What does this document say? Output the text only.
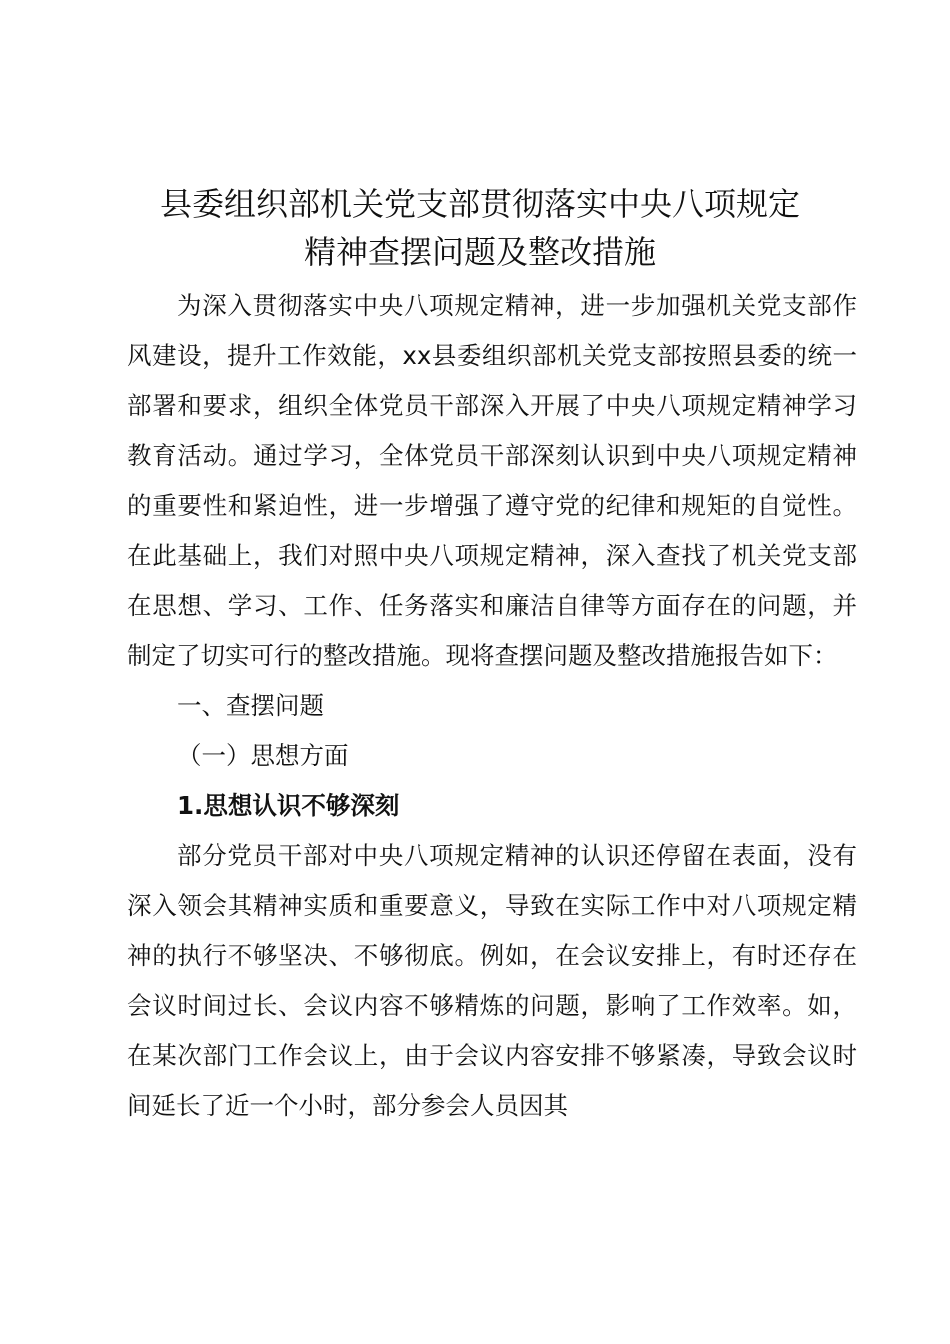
县委组织部机关党支部贯彻落实中央八项规定
精神查摆问题及整改措施

为深入贯彻落实中央八项规定精神，进一步加强机关党支部作风建设，提升工作效能，xx县委组织部机关党支部按照县委的统一部署和要求，组织全体党员干部深入开展了中央八项规定精神学习教育活动。通过学习，全体党员干部深刻认识到中央八项规定精神的重要性和紧迫性，进一步增强了遵守党的纪律和规矩的自觉性。在此基础上，我们对照中央八项规定精神，深入查找了机关党支部在思想、学习、工作、任务落实和廉洁自律等方面存在的问题，并制定了切实可行的整改措施。现将查摆问题及整改措施报告如下：

一、查摆问题

（一）思想方面

1.思想认识不够深刻

部分党员干部对中央八项规定精神的认识还停留在表面，没有深入领会其精神实质和重要意义，导致在实际工作中对八项规定精神的执行不够坚决、不够彻底。例如，在会议安排上，有时还存在会议时间过长、会议内容不够精炼的问题，影响了工作效率。如，在某次部门工作会议上，由于会议内容安排不够紧凑，导致会议时间延长了近一个小时，部分参会人员因其
